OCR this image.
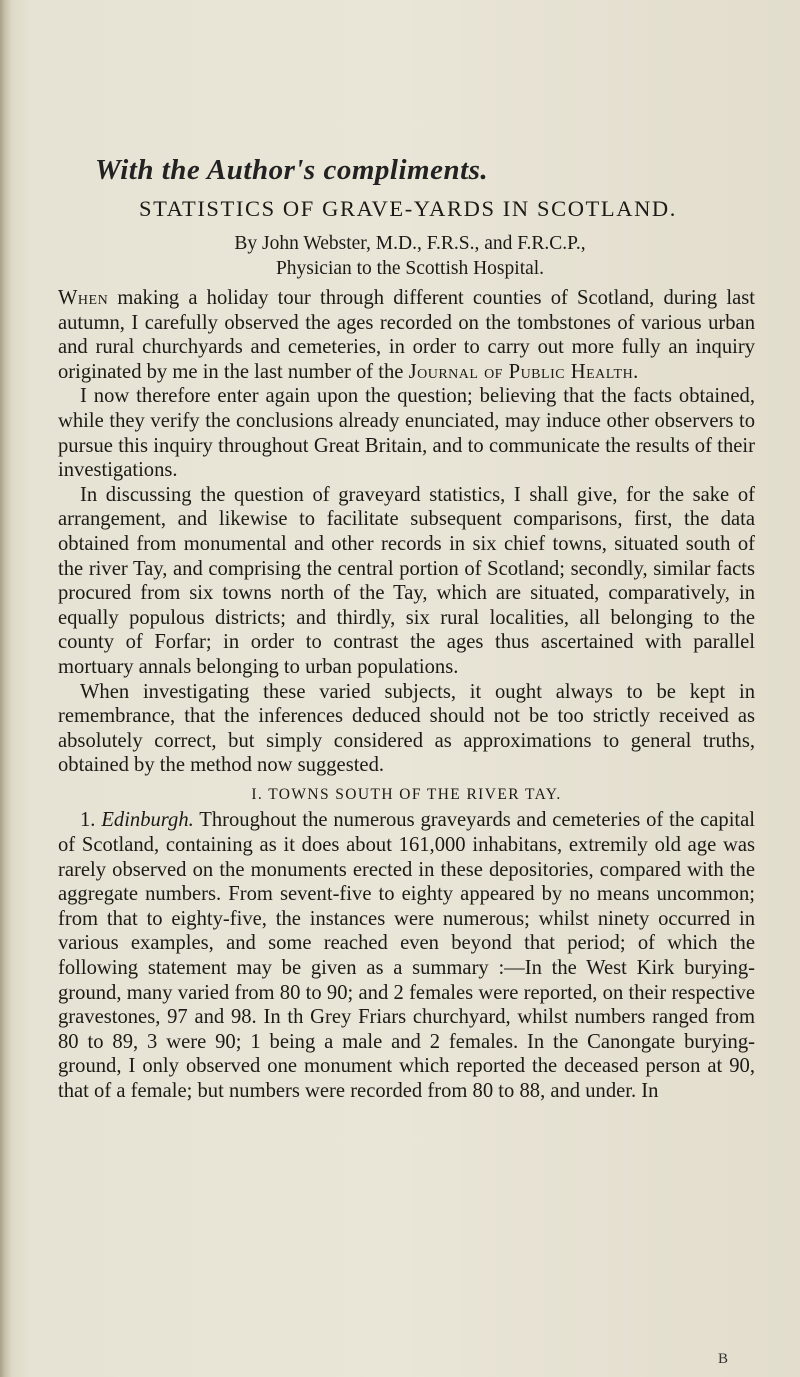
With the Author's compliments.
STATISTICS OF GRAVE-YARDS IN SCOTLAND.
By John Webster, M.D., F.R.S., and F.R.C.P.,
Physician to the Scottish Hospital.

When making a holiday tour through different counties of Scotland, during last autumn, I carefully observed the ages recorded on the tombstones of various urban and rural churchyards and cemeteries, in order to carry out more fully an inquiry originated by me in the last number of the Journal of Public Health.

I now therefore enter again upon the question; believing that the facts obtained, while they verify the conclusions already enunciated, may induce other observers to pursue this inquiry throughout Great Britain, and to communicate the results of their investigations.

In discussing the question of graveyard statistics, I shall give, for the sake of arrangement, and likewise to facilitate subsequent comparisons, first, the data obtained from monumental and other records in six chief towns, situated south of the river Tay, and comprising the central portion of Scotland; secondly, similar facts procured from six towns north of the Tay, which are situated, comparatively, in equally populous districts; and thirdly, six rural localities, all belonging to the county of Forfar; in order to contrast the ages thus ascertained with parallel mortuary annals belonging to urban populations.

When investigating these varied subjects, it ought always to be kept in remembrance, that the inferences deduced should not be too strictly received as absolutely correct, but simply considered as approximations to general truths, obtained by the method now suggested.

I. TOWNS SOUTH OF THE RIVER TAY.

1. Edinburgh. Throughout the numerous graveyards and cemeteries of the capital of Scotland, containing as it does about 161,000 inhabitans, extremily old age was rarely observed on the monuments erected in these depositories, compared with the aggregate numbers. From sevent-five to eighty appeared by no means uncommon; from that to eighty-five, the instances were numerous; whilst ninety occurred in various examples, and some reached even beyond that period; of which the following statement may be given as a summary :—In the West Kirk burying-ground, many varied from 80 to 90; and 2 females were reported, on their respective gravestones, 97 and 98. In th Grey Friars churchyard, whilst numbers ranged from 80 to 89, 3 were 90; 1 being a male and 2 females. In the Canongate burying-ground, I only observed one monument which reported the deceased person at 90, that of a female; but numbers were recorded from 80 to 88, and under. In

B
